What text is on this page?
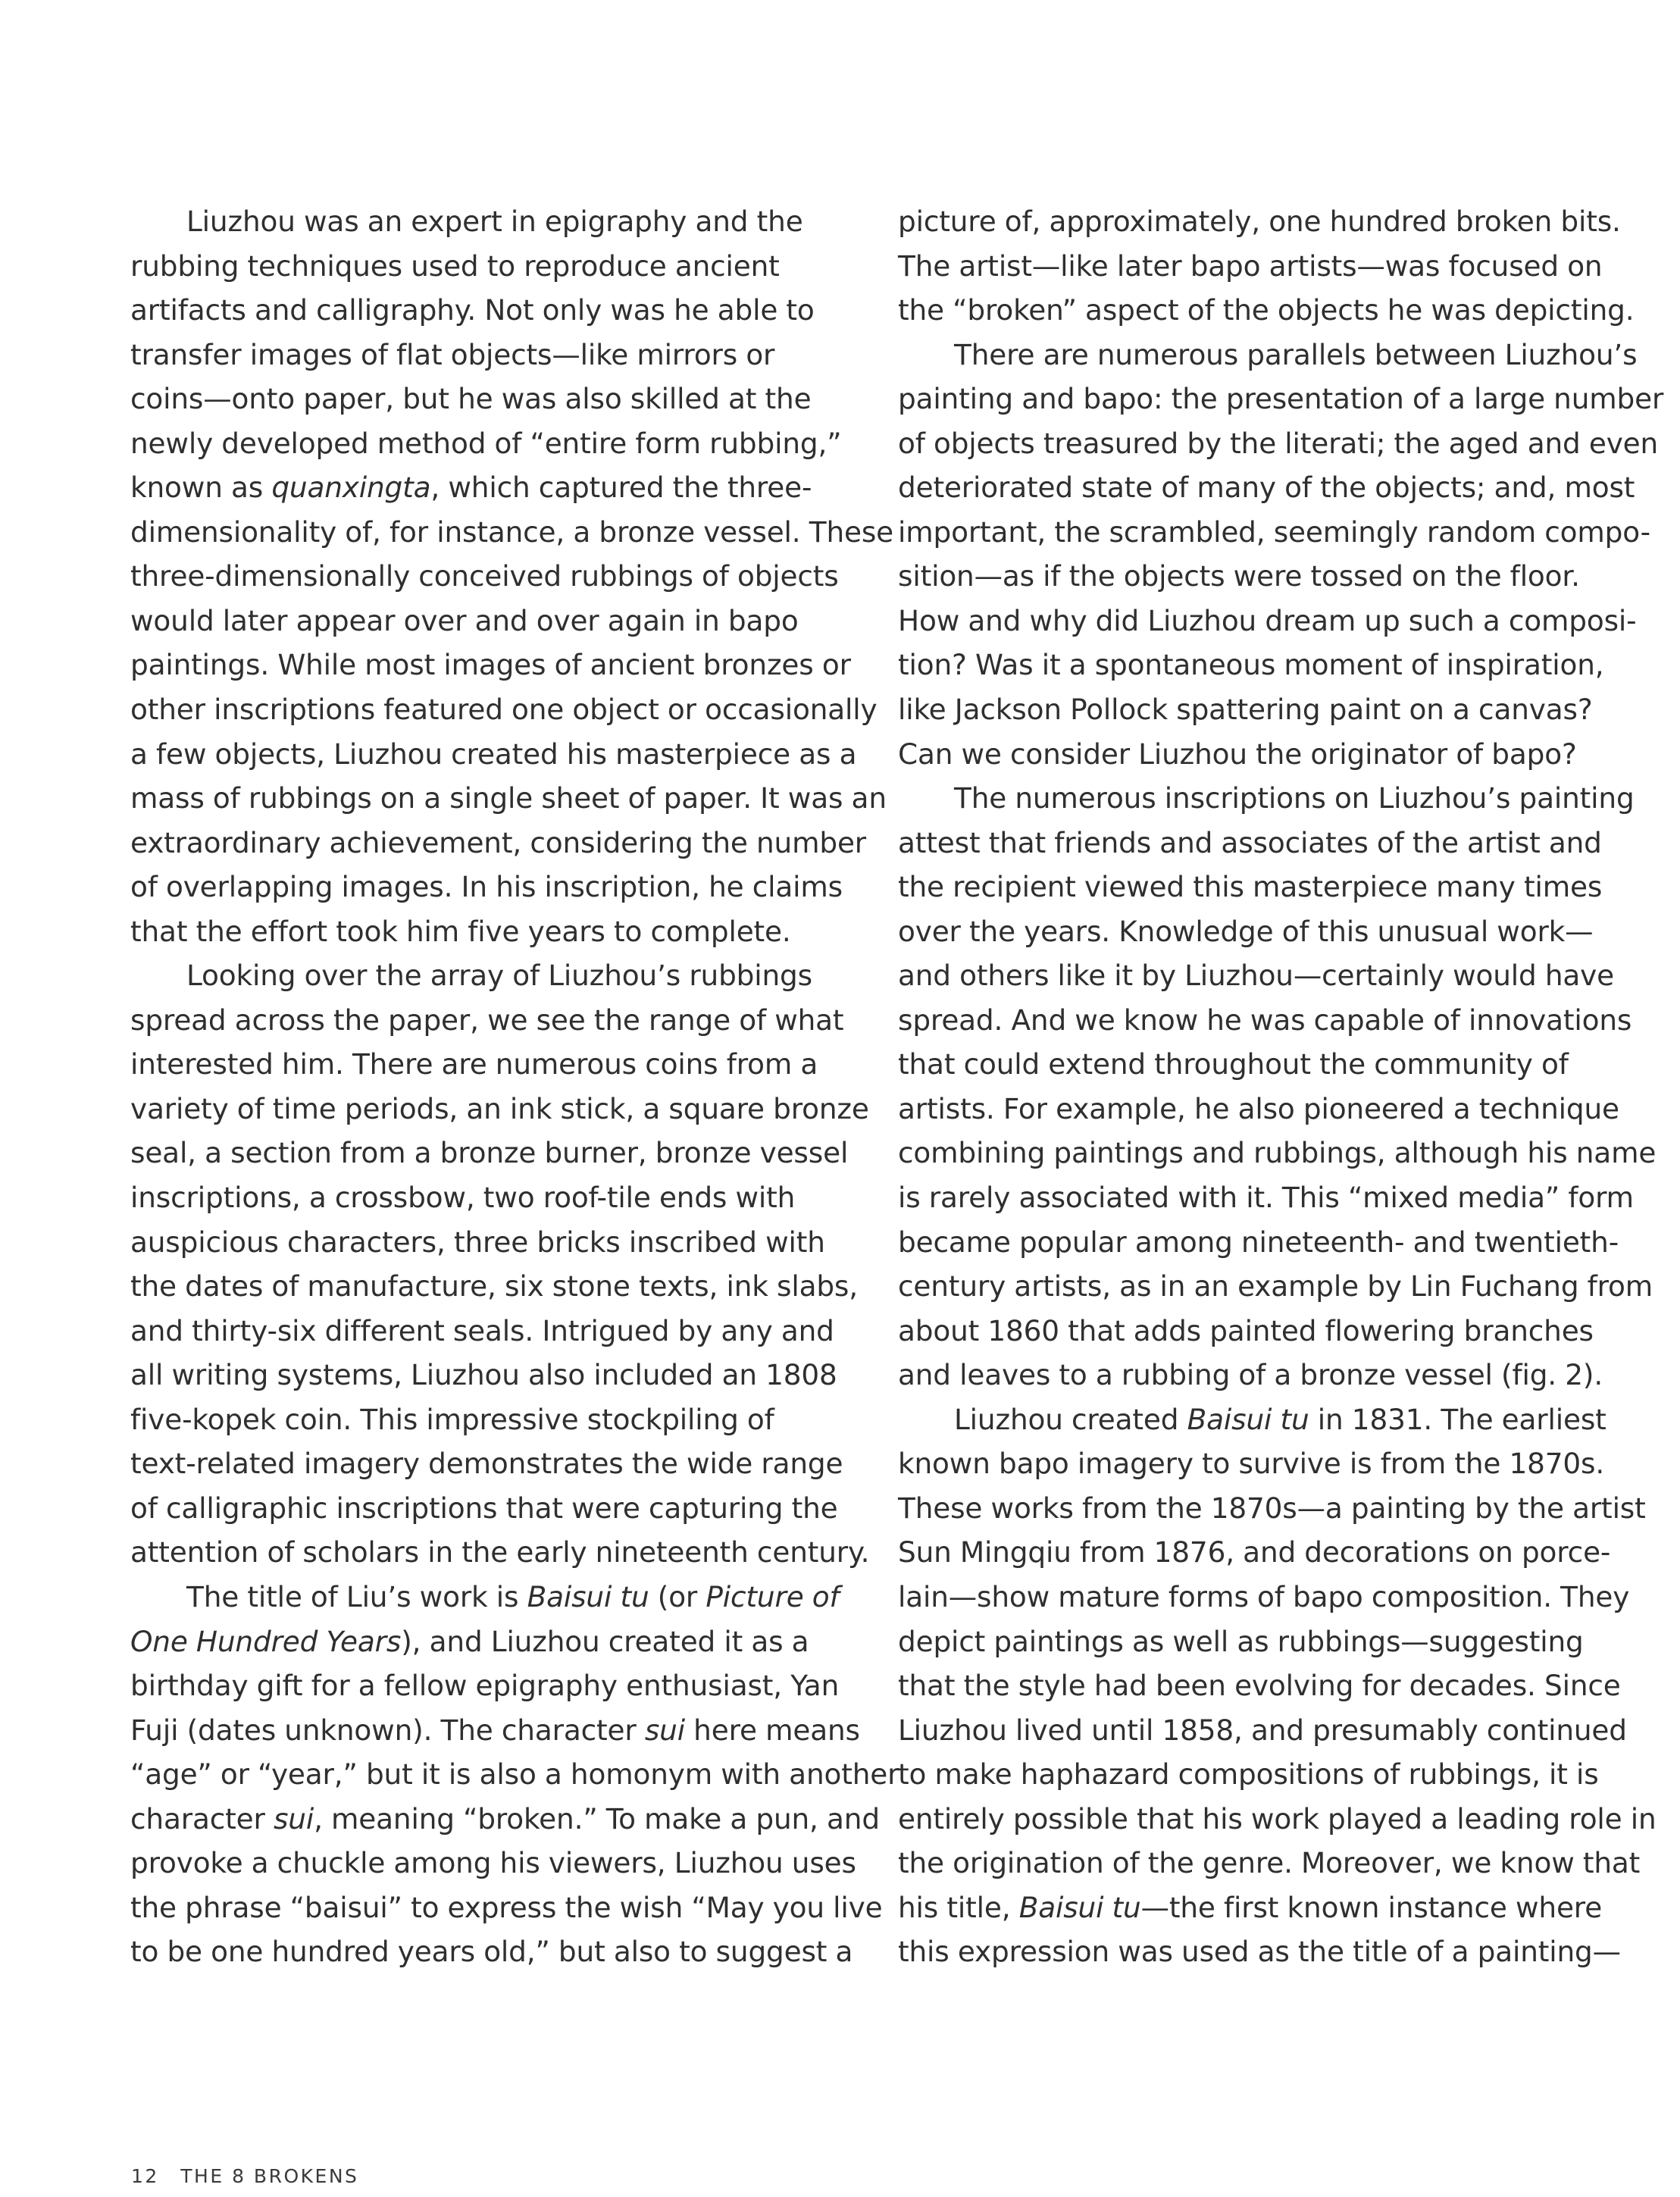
Liuzhou was an expert in epigraphy and the
rubbing techniques used to reproduce ancient
artifacts and calligraphy. Not only was he able to
transfer images of flat objects—like mirrors or
coins—onto paper, but he was also skilled at the
newly developed method of “entire form rubbing,”
known as quanxingta, which captured the three-
dimensionality of, for instance, a bronze vessel. These
three-dimensionally conceived rubbings of objects
would later appear over and over again in bapo
paintings. While most images of ancient bronzes or
other inscriptions featured one object or occasionally
a few objects, Liuzhou created his masterpiece as a
mass of rubbings on a single sheet of paper. It was an
extraordinary achievement, considering the number
of overlapping images. In his inscription, he claims
that the effort took him five years to complete.
Looking over the array of Liuzhou’s rubbings
spread across the paper, we see the range of what
interested him. There are numerous coins from a
variety of time periods, an ink stick, a square bronze
seal, a section from a bronze burner, bronze vessel
inscriptions, a crossbow, two roof-tile ends with
auspicious characters, three bricks inscribed with
the dates of manufacture, six stone texts, ink slabs,
and thirty-six different seals. Intrigued by any and
all writing systems, Liuzhou also included an 1808
five-kopek coin. This impressive stockpiling of
text-related imagery demonstrates the wide range
of calligraphic inscriptions that were capturing the
attention of scholars in the early nineteenth century.
The title of Liu’s work is Baisui tu (or Picture of
One Hundred Years), and Liuzhou created it as a
birthday gift for a fellow epigraphy enthusiast, Yan
Fuji (dates unknown). The character sui here means
“age” or “year,” but it is also a homonym with another
character sui, meaning “broken.” To make a pun, and
provoke a chuckle among his viewers, Liuzhou uses
the phrase “baisui” to express the wish “May you live
to be one hundred years old,” but also to suggest a
picture of, approximately, one hundred broken bits.
The artist—like later bapo artists—was focused on
the “broken” aspect of the objects he was depicting.
There are numerous parallels between Liuzhou’s
painting and bapo: the presentation of a large number
of objects treasured by the literati; the aged and even
deteriorated state of many of the objects; and, most
important, the scrambled, seemingly random compo-
sition—as if the objects were tossed on the floor.
How and why did Liuzhou dream up such a composi-
tion? Was it a spontaneous moment of inspiration,
like Jackson Pollock spattering paint on a canvas?
Can we consider Liuzhou the originator of bapo?
The numerous inscriptions on Liuzhou’s painting
attest that friends and associates of the artist and
the recipient viewed this masterpiece many times
over the years. Knowledge of this unusual work—
and others like it by Liuzhou—certainly would have
spread. And we know he was capable of innovations
that could extend throughout the community of
artists. For example, he also pioneered a technique
combining paintings and rubbings, although his name
is rarely associated with it. This “mixed media” form
became popular among nineteenth- and twentieth-
century artists, as in an example by Lin Fuchang from
about 1860 that adds painted flowering branches
and leaves to a rubbing of a bronze vessel (fig. 2).
Liuzhou created Baisui tu in 1831. The earliest
known bapo imagery to survive is from the 1870s.
These works from the 1870s—a painting by the artist
Sun Mingqiu from 1876, and decorations on porce-
lain—show mature forms of bapo composition. They
depict paintings as well as rubbings—suggesting
that the style had been evolving for decades. Since
Liuzhou lived until 1858, and presumably continued
to make haphazard compositions of rubbings, it is
entirely possible that his work played a leading role in
the origination of the genre. Moreover, we know that
his title, Baisui tu—the first known instance where
this expression was used as the title of a painting—
12 THE 8 BROKENS
